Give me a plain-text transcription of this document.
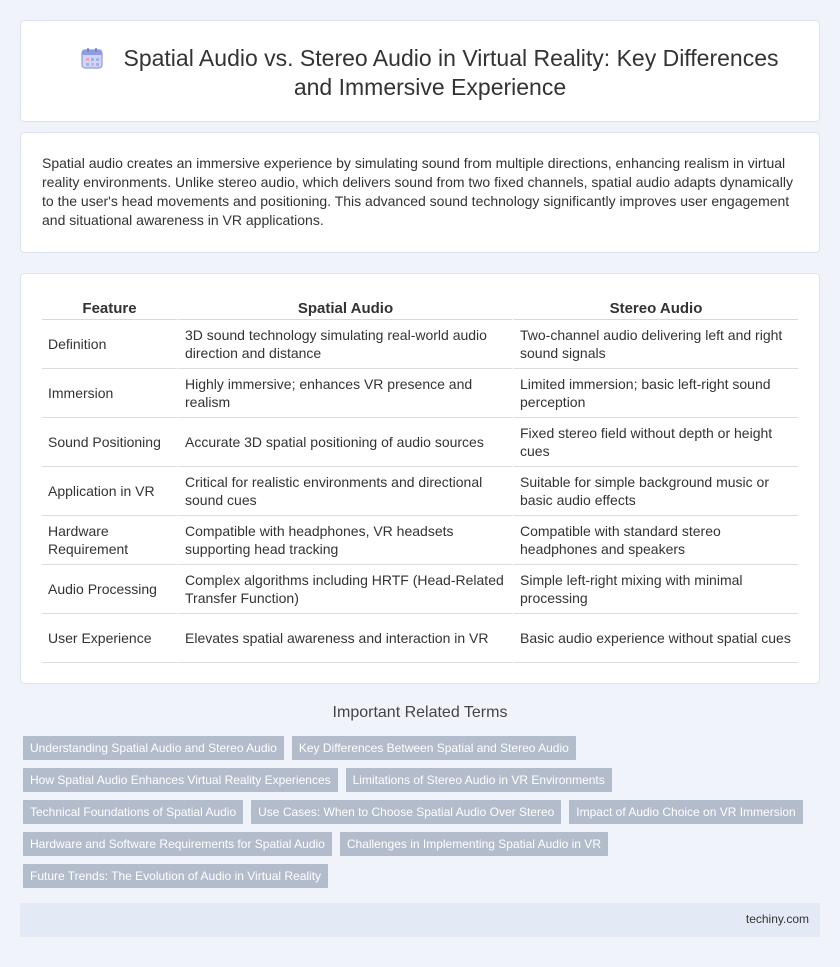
Spatial Audio vs. Stereo Audio in Virtual Reality: Key Differences and Immersive Experience

Spatial audio creates an immersive experience by simulating sound from multiple directions, enhancing realism in virtual reality environments. Unlike stereo audio, which delivers sound from two fixed channels, spatial audio adapts dynamically to the user's head movements and positioning. This advanced sound technology significantly improves user engagement and situational awareness in VR applications.

Feature	Spatial Audio	Stereo Audio
Definition	3D sound technology simulating real-world audio direction and distance	Two-channel audio delivering left and right sound signals
Immersion	Highly immersive; enhances VR presence and realism	Limited immersion; basic left-right sound perception
Sound Positioning	Accurate 3D spatial positioning of audio sources	Fixed stereo field without depth or height cues
Application in VR	Critical for realistic environments and directional sound cues	Suitable for simple background music or basic audio effects
Hardware Requirement	Compatible with headphones, VR headsets supporting head tracking	Compatible with standard stereo headphones and speakers
Audio Processing	Complex algorithms including HRTF (Head-Related Transfer Function)	Simple left-right mixing with minimal processing
User Experience	Elevates spatial awareness and interaction in VR	Basic audio experience without spatial cues
Important Related Terms
Understanding Spatial Audio and Stereo Audio	Key Differences Between Spatial and Stereo Audio
How Spatial Audio Enhances Virtual Reality Experiences	Limitations of Stereo Audio in VR Environments
Technical Foundations of Spatial Audio	Use Cases: When to Choose Spatial Audio Over Stereo	Impact of Audio Choice on VR Immersion
Hardware and Software Requirements for Spatial Audio	Challenges in Implementing Spatial Audio in VR
Future Trends: The Evolution of Audio in Virtual Reality
techiny.com
